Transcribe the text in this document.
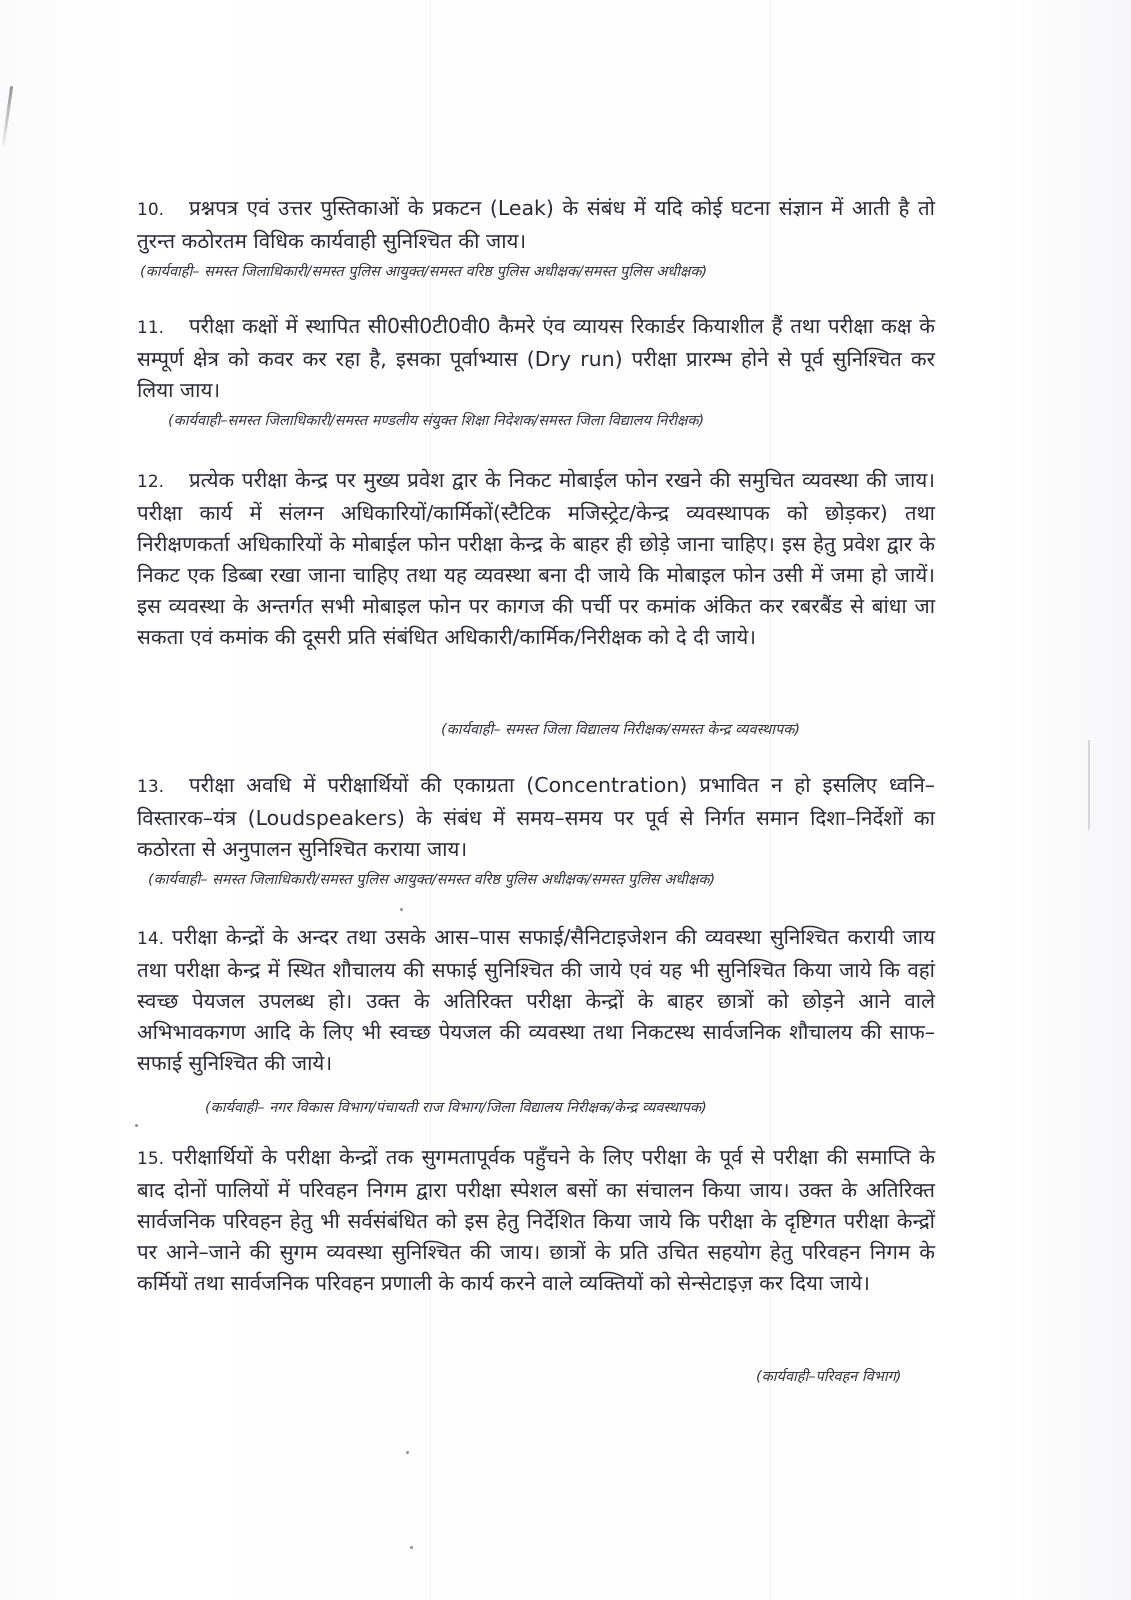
10. प्रश्नपत्र एवं उत्तर पुस्तिकाओं के प्रकटन (Leak) के संबंध में यदि कोई घटना संज्ञान में आती है तो तुरन्त कठोरतम विधिक कार्यवाही सुनिश्चित की जाय।
(कार्यवाही– समस्त जिलाधिकारी/समस्त पुलिस आयुक्त/समस्त वरिष्ठ पुलिस अधीक्षक/समस्त पुलिस अधीक्षक)
11. परीक्षा कक्षों में स्थापित सी0सी0टी0वी0 कैमरे एंव व्यायस रिकार्डर कियाशील हैं तथा परीक्षा कक्ष के सम्पूर्ण क्षेत्र को कवर कर रहा है, इसका पूर्वाभ्यास (Dry run) परीक्षा प्रारम्भ होने से पूर्व सुनिश्चित कर लिया जाय।
(कार्यवाही–समस्त जिलाधिकारी/समस्त मण्डलीय संयुक्त शिक्षा निदेशक/समस्त जिला विद्यालय निरीक्षक)
12. प्रत्येक परीक्षा केन्द्र पर मुख्य प्रवेश द्वार के निकट मोबाईल फोन रखने की समुचित व्यवस्था की जाय। परीक्षा कार्य में संलग्न अधिकारियों/कार्मिकों(स्टैटिक मजिस्ट्रेट/केन्द्र व्यवस्थापक को छोड़कर) तथा निरीक्षणकर्ता अधिकारियों के मोबाईल फोन परीक्षा केन्द्र के बाहर ही छोड़े जाना चाहिए। इस हेतु प्रवेश द्वार के निकट एक डिब्बा रखा जाना चाहिए तथा यह व्यवस्था बना दी जाये कि मोबाइल फोन उसी में जमा हो जायें। इस व्यवस्था के अन्तर्गत सभी मोबाइल फोन पर कागज की पर्ची पर कमांक अंकित कर रबरबैंड से बांधा जा सकता एवं कमांक की दूसरी प्रति संबंधित अधिकारी/कार्मिक/निरीक्षक को दे दी जाये।
(कार्यवाही– समस्त जिला विद्यालय निरीक्षक/समस्त केन्द्र व्यवस्थापक)
13. परीक्षा अवधि में परीक्षार्थियों की एकाग्रता (Concentration) प्रभावित न हो इसलिए ध्वनि–विस्तारक–यंत्र (Loudspeakers) के संबंध में समय–समय पर पूर्व से निर्गत समान दिशा–निर्देशों का कठोरता से अनुपालन सुनिश्चित कराया जाय।
(कार्यवाही– समस्त जिलाधिकारी/समस्त पुलिस आयुक्त/समस्त वरिष्ठ पुलिस अधीक्षक/समस्त पुलिस अधीक्षक)
14. परीक्षा केन्द्रों के अन्दर तथा उसके आस–पास सफाई/सैनिटाइजेशन की व्यवस्था सुनिश्चित करायी जाय तथा परीक्षा केन्द्र में स्थित शौचालय की सफाई सुनिश्चित की जाये एवं यह भी सुनिश्चित किया जाये कि वहां स्वच्छ पेयजल उपलब्ध हो। उक्त के अतिरिक्त परीक्षा केन्द्रों के बाहर छात्रों को छोड़ने आने वाले अभिभावकगण आदि के लिए भी स्वच्छ पेयजल की व्यवस्था तथा निकटस्थ सार्वजनिक शौचालय की साफ–सफाई सुनिश्चित की जाये।
(कार्यवाही– नगर विकास विभाग/पंचायती राज विभाग/जिला विद्यालय निरीक्षक/केन्द्र व्यवस्थापक)
15. परीक्षार्थियों के परीक्षा केन्द्रों तक सुगमतापूर्वक पहुँचने के लिए परीक्षा के पूर्व से परीक्षा की समाप्ति के बाद दोनों पालियों में परिवहन निगम द्वारा परीक्षा स्पेशल बसों का संचालन किया जाय। उक्त के अतिरिक्त सार्वजनिक परिवहन हेतु भी सर्वसंबंधित को इस हेतु निर्देशित किया जाये कि परीक्षा के दृष्टिगत परीक्षा केन्द्रों पर आने–जाने की सुगम व्यवस्था सुनिश्चित की जाय। छात्रों के प्रति उचित सहयोग हेतु परिवहन निगम के कर्मियों तथा सार्वजनिक परिवहन प्रणाली के कार्य करने वाले व्यक्तियों को सेन्सेटाइज़ कर दिया जाये।
(कार्यवाही–परिवहन विभाग)
